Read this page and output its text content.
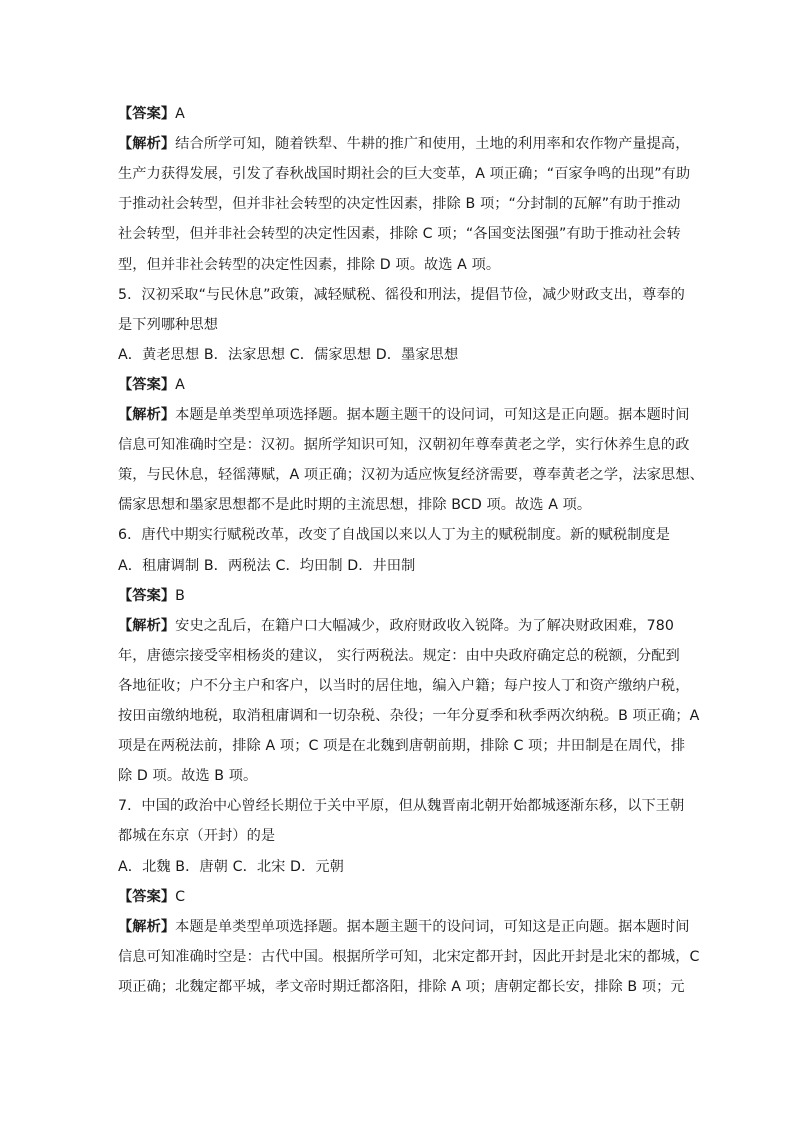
【答案】A
【解析】结合所学可知，随着铁犁、牛耕的推广和使用，土地的利用率和农作物产量提高，
生产力获得发展，引发了春秋战国时期社会的巨大变革，A 项正确；“百家争鸣的出现”有助
于推动社会转型，但并非社会转型的决定性因素，排除 B 项；“分封制的瓦解”有助于推动
社会转型，但并非社会转型的决定性因素，排除 C 项；“各国变法图强”有助于推动社会转
型，但并非社会转型的决定性因素，排除 D 项。故选 A 项。
5．汉初采取“与民休息”政策，减轻赋税、徭役和刑法，提倡节俭，减少财政支出，尊奉的
是下列哪种思想
A．黄老思想 B．法家思想 C．儒家思想 D．墨家思想
【答案】A
【解析】本题是单类型单项选择题。据本题主题干的设问词，可知这是正向题。据本题时间
信息可知准确时空是：汉初。据所学知识可知，汉朝初年尊奉黄老之学，实行休养生息的政
策，与民休息，轻徭薄赋，A 项正确；汉初为适应恢复经济需要，尊奉黄老之学，法家思想、
儒家思想和墨家思想都不是此时期的主流思想，排除 BCD 项。故选 A 项。
6．唐代中期实行赋税改革，改变了自战国以来以人丁为主的赋税制度。新的赋税制度是
A．租庸调制 B．两税法 C．均田制 D．井田制
【答案】B
【解析】安史之乱后，在籍户口大幅减少，政府财政收入锐降。为了解决财政困难，780
年，唐德宗接受宰相杨炎的建议， 实行两税法。规定：由中央政府确定总的税额，分配到
各地征收；户不分主户和客户，以当时的居住地，编入户籍；每户按人丁和资产缴纳户税，
按田亩缴纳地税，取消租庸调和一切杂税、杂役；一年分夏季和秋季两次纳税。B 项正确；A
项是在两税法前，排除 A 项；C 项是在北魏到唐朝前期，排除 C 项；井田制是在周代，排
除 D 项。故选 B 项。
7．中国的政治中心曾经长期位于关中平原，但从魏晋南北朝开始都城逐渐东移，以下王朝
都城在东京（开封）的是
A．北魏 B．唐朝 C．北宋 D．元朝
【答案】C
【解析】本题是单类型单项选择题。据本题主题干的设问词，可知这是正向题。据本题时间
信息可知准确时空是：古代中国。根据所学可知，北宋定都开封，因此开封是北宋的都城，C
项正确；北魏定都平城，孝文帝时期迁都洛阳，排除 A 项；唐朝定都长安，排除 B 项；元
